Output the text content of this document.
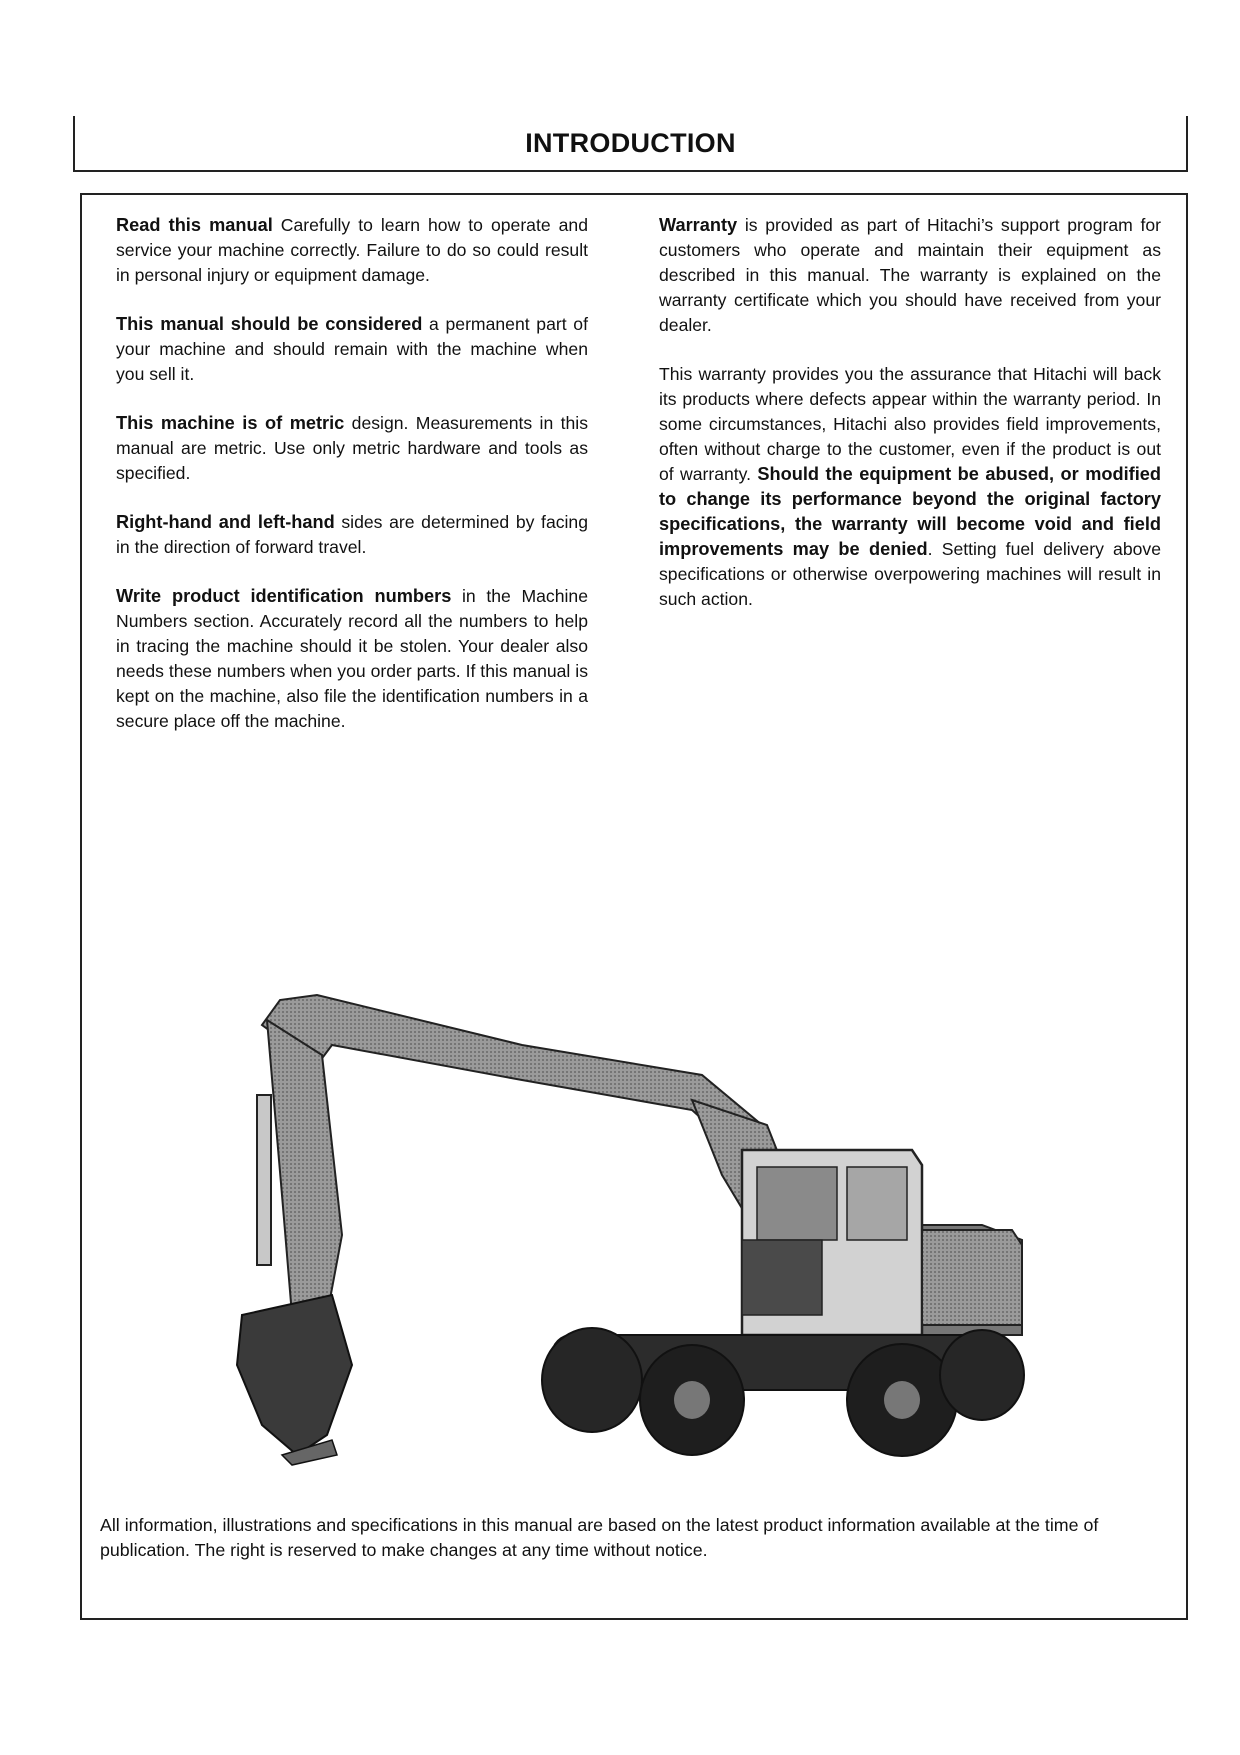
INTRODUCTION

Read this manual Carefully to learn how to operate and service your machine correctly. Failure to do so could result in personal injury or equipment damage.

This manual should be considered a permanent part of your machine and should remain with the machine when you sell it.

This machine is of metric design. Measurements in this manual are metric. Use only metric hardware and tools as specified.

Right-hand and left-hand sides are determined by facing in the direction of forward travel.

Write product identification numbers in the Machine Numbers section. Accurately record all the numbers to help in tracing the machine should it be stolen. Your dealer also needs these numbers when you order parts. If this manual is kept on the machine, also file the identification numbers in a secure place off the machine.

Warranty is provided as part of Hitachi’s support program for customers who operate and maintain their equipment as described in this manual. The warranty is explained on the warranty certificate which you should have received from your dealer.

This warranty provides you the assurance that Hitachi will back its products where defects appear within the warranty period. In some circumstances, Hitachi also provides field improvements, often without charge to the customer, even if the product is out of warranty. Should the equipment be abused, or modified to change its performance beyond the original factory specifications, the warranty will become void and field improvements may be denied. Setting fuel delivery above specifications or otherwise overpowering machines will result in such action.

All information, illustrations and specifications in this manual are based on the latest product information available at the time of publication. The right is reserved to make changes at any time without notice.
